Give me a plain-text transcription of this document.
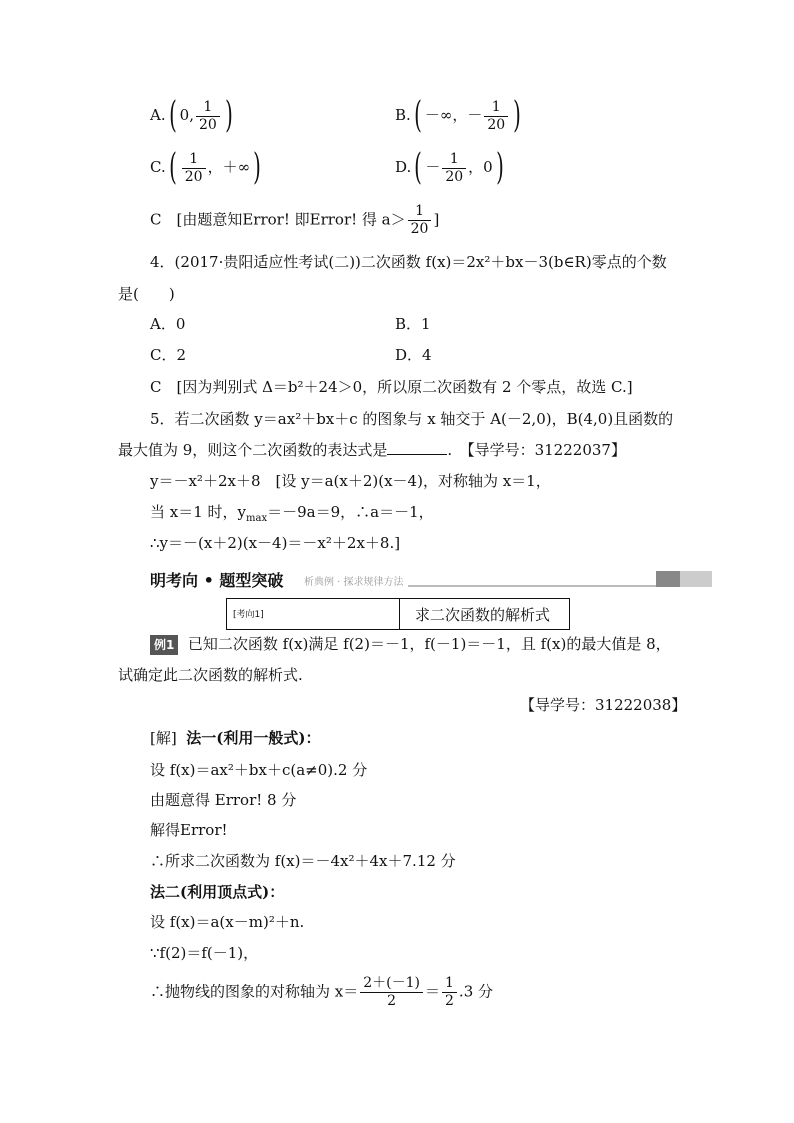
A.( 0, $\frac{1}{20}$ )	B.( －∞，－ $\frac{1}{20}$ )
$C.( \frac{1}{20}$ ，＋∞)	$D.( - \frac{1}{20}$ ，0)
C　[由题意知Error! 即Error! 得 $a> \frac{1}{20}$ ]
4．(2017·贵阳适应性考试(二))二次函数 f(x)＝2x²＋bx－3(b∈R)零点的个数
是(　　)
A．0	B．1
C．2	D．4
C　[因为判别式 Δ＝b²＋24＞0，所以原二次函数有 2 个零点，故选 C.]
5．若二次函数 y＝ax²＋bx＋c 的图象与 x 轴交于 A(－2,0)，B(4,0)且函数的
最大值为 9，则这个二次函数的表达式是	.　【导学号：31222037】
y＝－x²＋2x＋8　[设 y＝a(x＋2)(x－4)，对称轴为 x＝1，
当 x＝1 时，$y_{max}=-9a=9$，∴a＝－1，
∴y＝－(x＋2)(x－4)＝－x²＋2x＋8.]
明考向 • 题型突破 析典例 · 探求规律方法
[考向1]	求二次函数的解析式
例1 已知二次函数 f(x)满足 f(2)＝－1，f(－1)＝－1，且 f(x)的最大值是 8，
试确定此二次函数的解析式.
【导学号：31222038】
[解] 法一(利用一般式)：
设 f(x)＝ax²＋bx＋c(a≠0).2 分
由题意得 Error! 8 分
解得Error!
∴所求二次函数为 f(x)＝－4x²＋4x＋7.12 分
法二(利用顶点式)：
设 f(x)＝a(x－m)²＋n.
∵f(2)＝f(－1)，
∴抛物线的图象的对称轴为 $x= \frac{2+(-1)}{2} = \frac{1}{2} .3$ 分
